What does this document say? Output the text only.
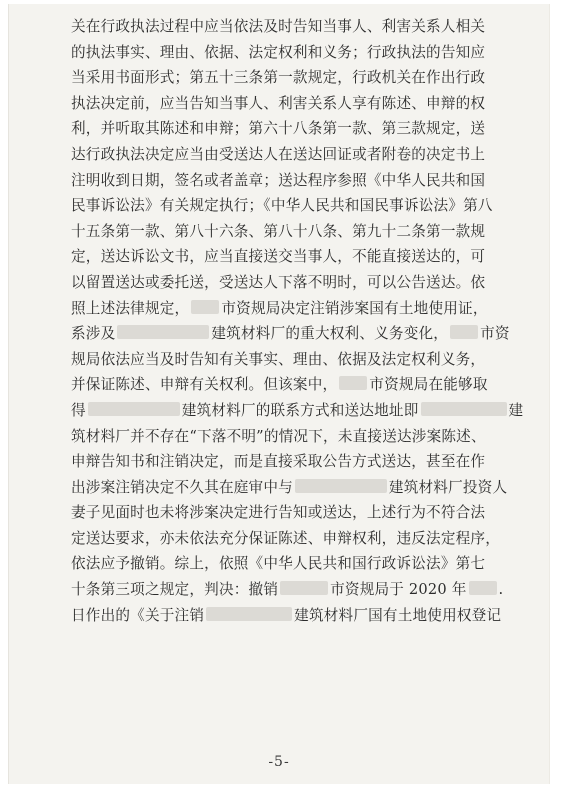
关在行政执法过程中应当依法及时告知当事人、利害关系人相关
的执法事实、理由、依据、法定权利和义务；行政执法的告知应
当采用书面形式；第五十三条第一款规定，行政机关在作出行政
执法决定前，应当告知当事人、利害关系人享有陈述、申辩的权
利，并听取其陈述和申辩；第六十八条第一款、第三款规定，送
达行政执法决定应当由受送达人在送达回证或者附卷的决定书上
注明收到日期，签名或者盖章；送达程序参照《中华人民共和国
民事诉讼法》有关规定执行；《中华人民共和国民事诉讼法》第八
十五条第一款、第八十六条、第八十八条、第九十二条第一款规
定，送达诉讼文书，应当直接送交当事人，不能直接送达的，可
以留置送达或委托送，受送达人下落不明时，可以公告送达。依
照上述法律规定， 市资规局决定注销涉案国有土地使用证，
系涉及	建筑材料厂的重大权利、义务变化， 市资
规局依法应当及时告知有关事实、理由、依据及法定权利义务，
并保证陈述、申辩有关权利。但该案中， 市资规局在能够取
得	建筑材料厂的联系方式和送达地址即	建
筑材料厂并不存在“下落不明”的情况下，未直接送达涉案陈述、
申辩告知书和注销决定，而是直接采取公告方式送达，甚至在作
出涉案注销决定不久其在庭审中与	建筑材料厂投资人
妻子见面时也未将涉案决定进行告知或送达，上述行为不符合法
定送达要求，亦未依法充分保证陈述、申辩权利，违反法定程序，
依法应予撤销。综上，依照《中华人民共和国行政诉讼法》第七
十条第三项之规定，判决：撤销	市资规局于 2020 年 .
日作出的《关于注销	建筑材料厂国有土地使用权登记
-5-
